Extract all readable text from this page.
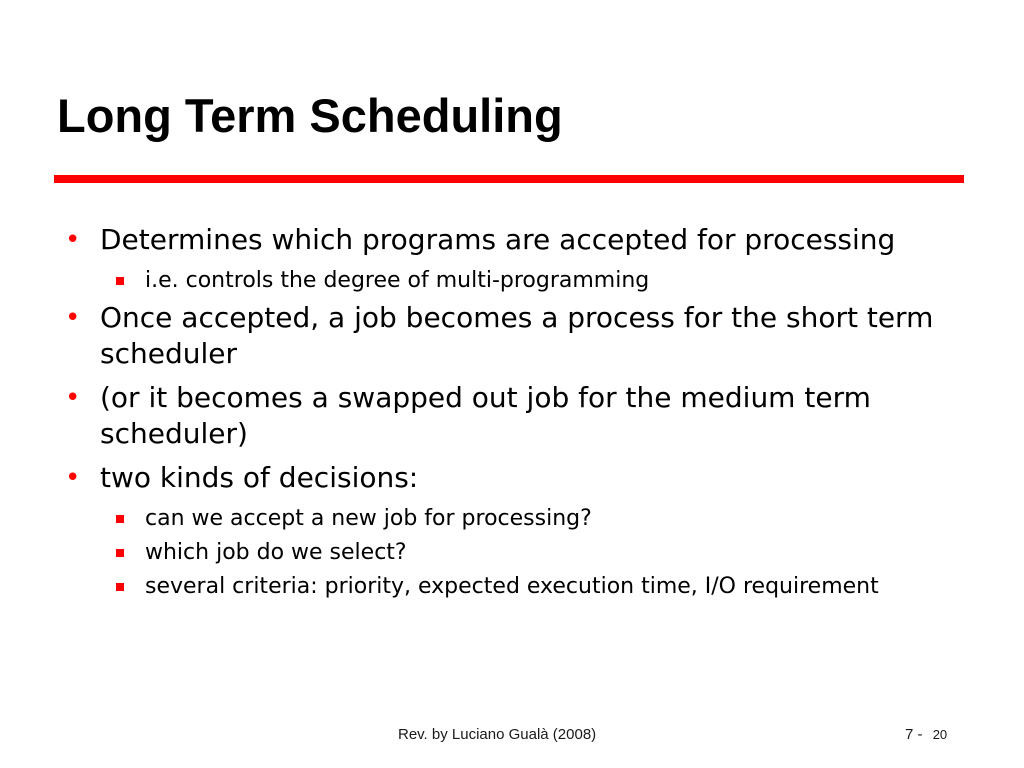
Long Term Scheduling
• Determines which programs are accepted for processing
i.e. controls the degree of multi-programming
• Once accepted, a job becomes a process for the short term scheduler
• (or it becomes a swapped out job for the medium term scheduler)
• two kinds of decisions:
can we accept a new job for processing?
which job do we select?
several criteria: priority, expected execution time, I/O requirement
Rev. by Luciano Gualà (2008)	7 - 20
